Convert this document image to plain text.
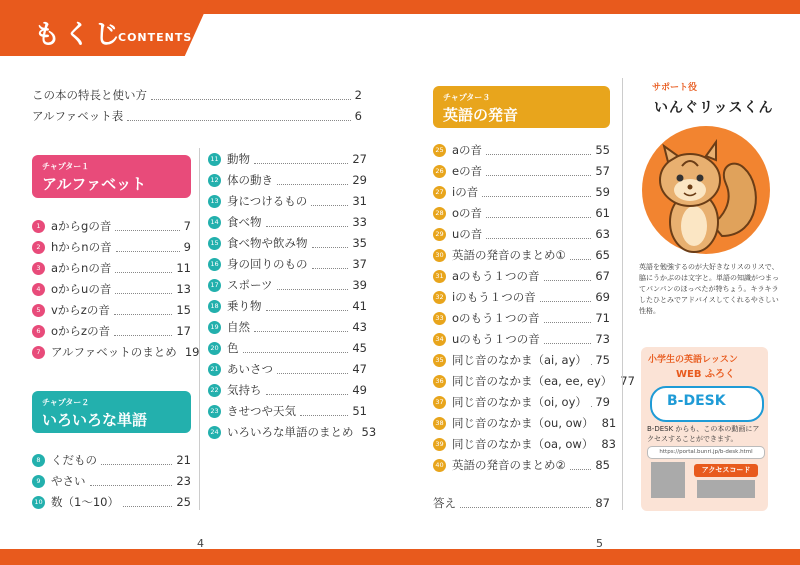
もくじ
CONTENTS
この本の特長と使い方	2
アルファベット表	6
チャプター１
アルファベット
1 aからgの音	7
2 hからnの音	9
3 aからnの音	11
4 oからuの音	13
5 vからzの音	15
6 oからzの音	17
7 アルファベットのまとめ 19
チャプター２
いろいろな単語
8 くだもの	21
9 やさい	23
10 数（1～10）	25
11 動物	27
12 体の動き	29
13 身につけるもの	31
14 食べ物	33
15 食べ物や飲み物	35
16 身の回りのもの	37
17 スポーツ	39
18 乗り物	41
19 自然	43
20 色	45
21 あいさつ	47
22 気持ち	49
23 きせつや天気	51
24 いろいろな単語のまとめ 53
チャプター３
英語の発音
25 aの音	55
26 eの音	57
27 iの音	59
28 oの音	61
29 uの音	63
30 英語の発音のまとめ①	65
31 aのもう１つの音	67
32 iのもう１つの音	69
33 oのもう１つの音	71
34 uのもう１つの音	73
35 同じ音のなかま（ai, ay） 75
36 同じ音のなかま（ea, ee, ey） 77
37 同じ音のなかま（oi, oy） 79
38 同じ音のなかま（ou, ow） 81
39 同じ音のなかま（oa, ow） 83
40 英語の発音のまとめ②	85
答え	87
サポート役
いんぐリッスくん
英語を勉強するのが大好きなリスのリスで、脇にうかぶのは文字と。単語の知識がつまってパンパンのほっぺたが特ちょう。キラキラしたひとみでアドバイスしてくれるやさしい性格。
小学生の英語レッスン
WEB ふろく
B-DESK
B-DESK からも、この本の動画にアクセスすることができます。
https://portal.bunri.jp/b-desk.html
アクセスコード
4	5
